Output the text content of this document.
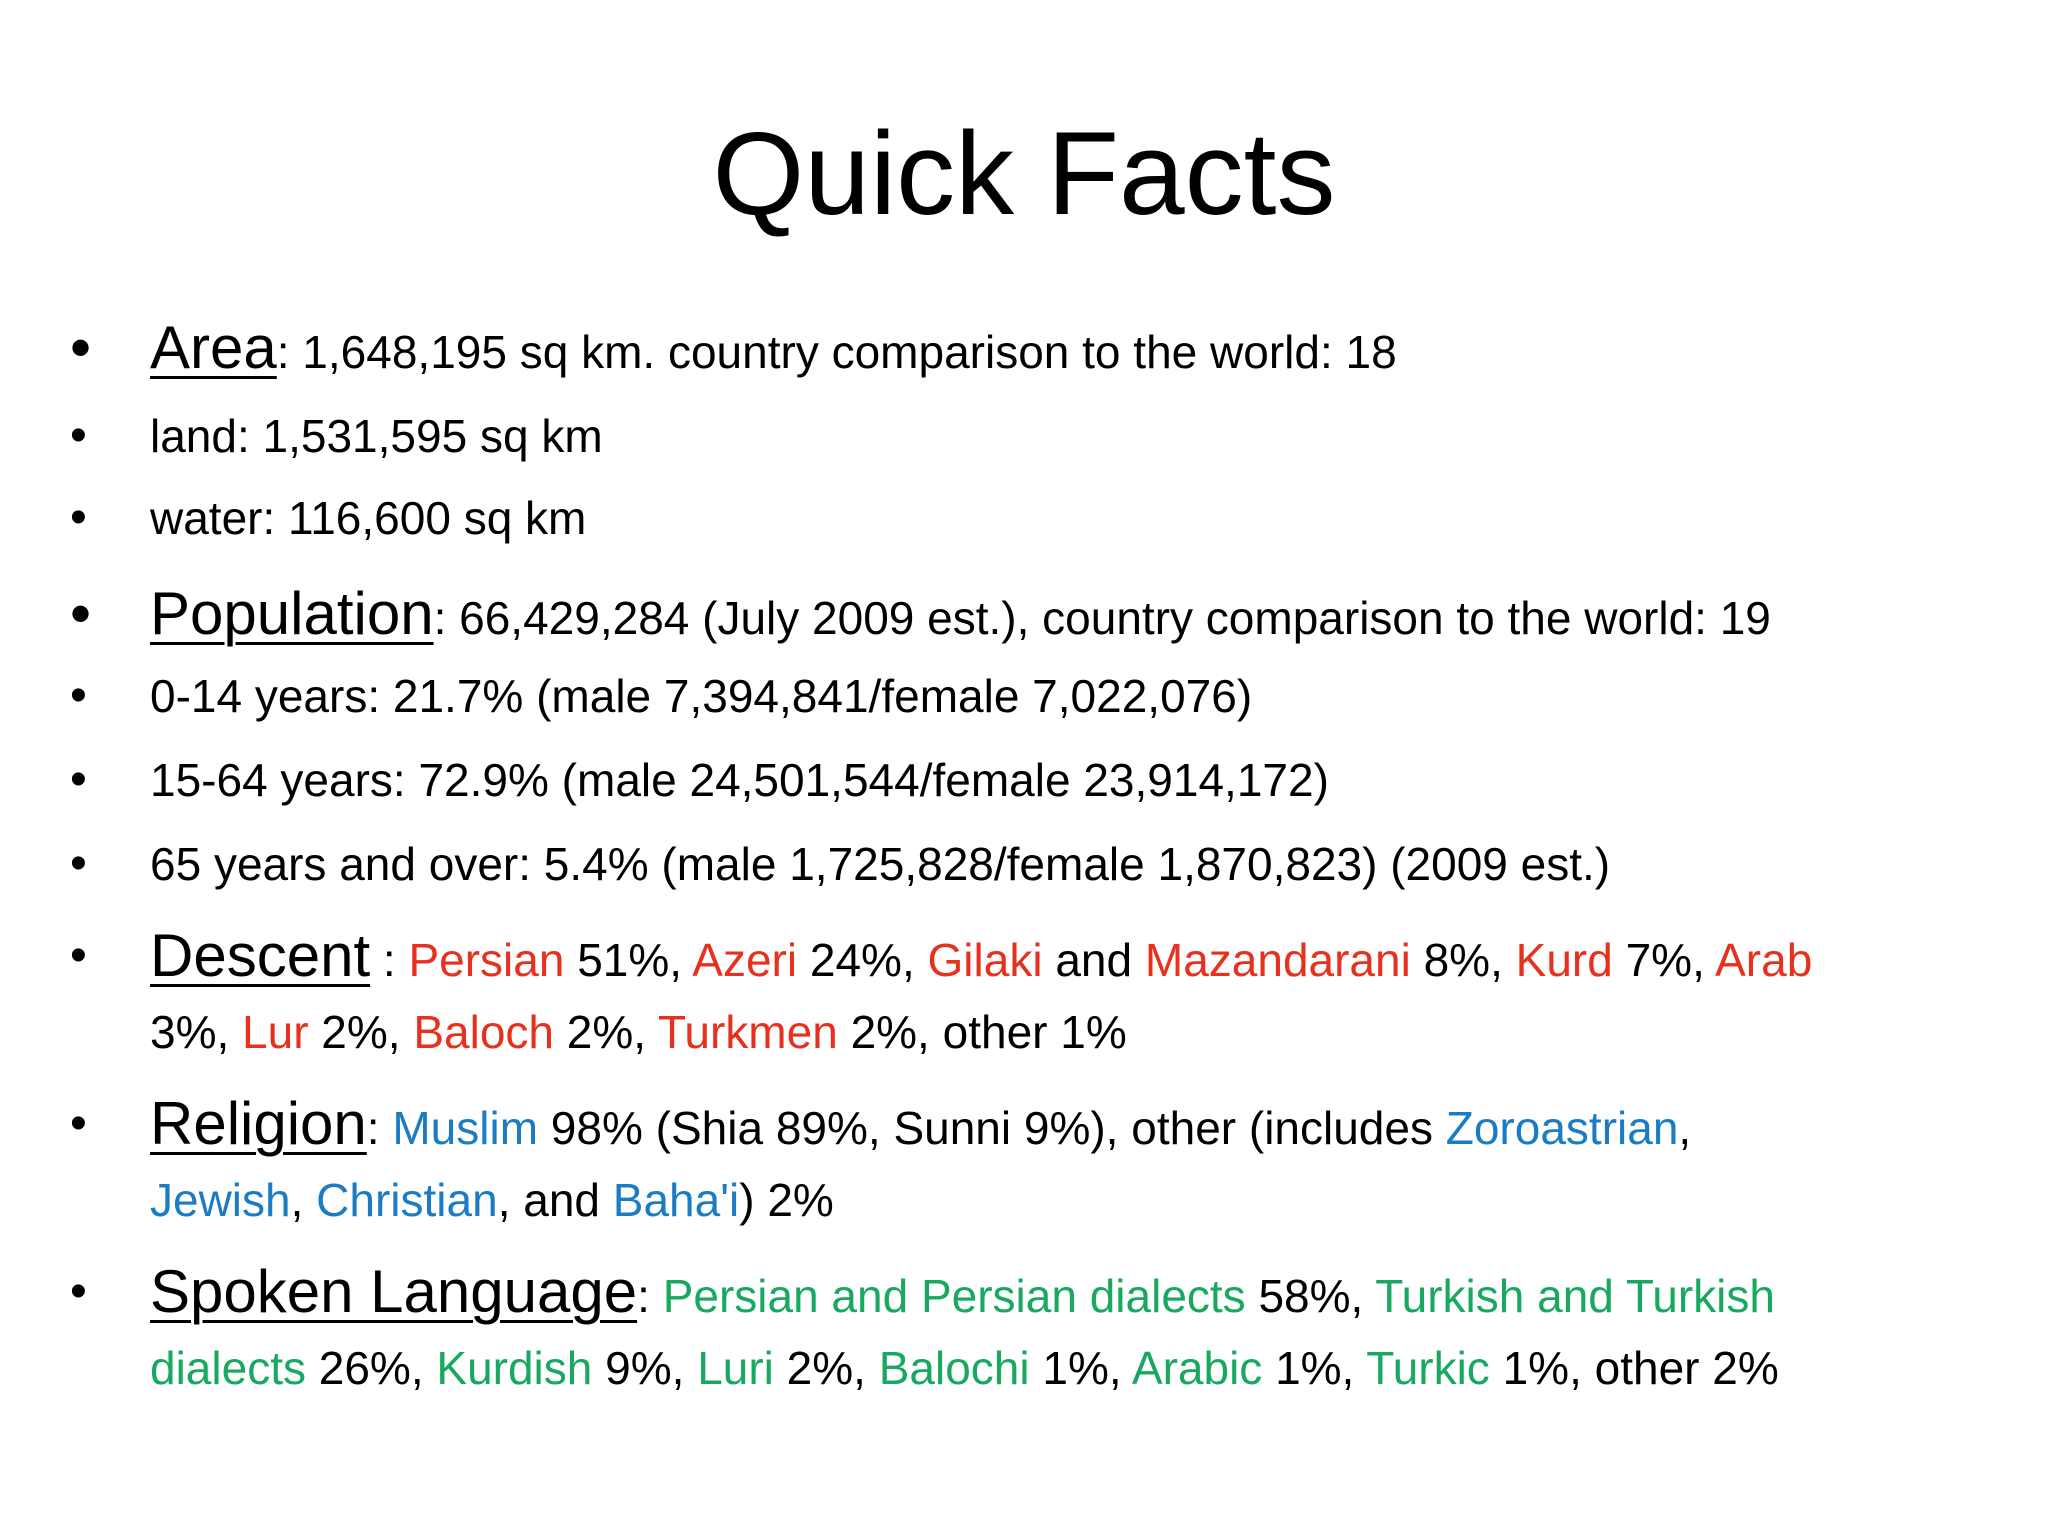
Quick Facts
• Area: 1,648,195 sq km. country comparison to the world: 18
• land: 1,531,595 sq km
• water: 116,600 sq km
• Population: 66,429,284 (July 2009 est.), country comparison to the world: 19
• 0-14 years: 21.7% (male 7,394,841/female 7,022,076)
• 15-64 years: 72.9% (male 24,501,544/female 23,914,172)
• 65 years and over: 5.4% (male 1,725,828/female 1,870,823) (2009 est.)
• Descent : Persian 51%, Azeri 24%, Gilaki and Mazandarani 8%, Kurd 7%, Arab
3%, Lur 2%, Baloch 2%, Turkmen 2%, other 1%
• Religion: Muslim 98% (Shia 89%, Sunni 9%), other (includes Zoroastrian,
Jewish, Christian, and Baha'i) 2%
• Spoken Language: Persian and Persian dialects 58%, Turkish and Turkish
dialects 26%, Kurdish 9%, Luri 2%, Balochi 1%, Arabic 1%, Turkic 1%, other 2%
